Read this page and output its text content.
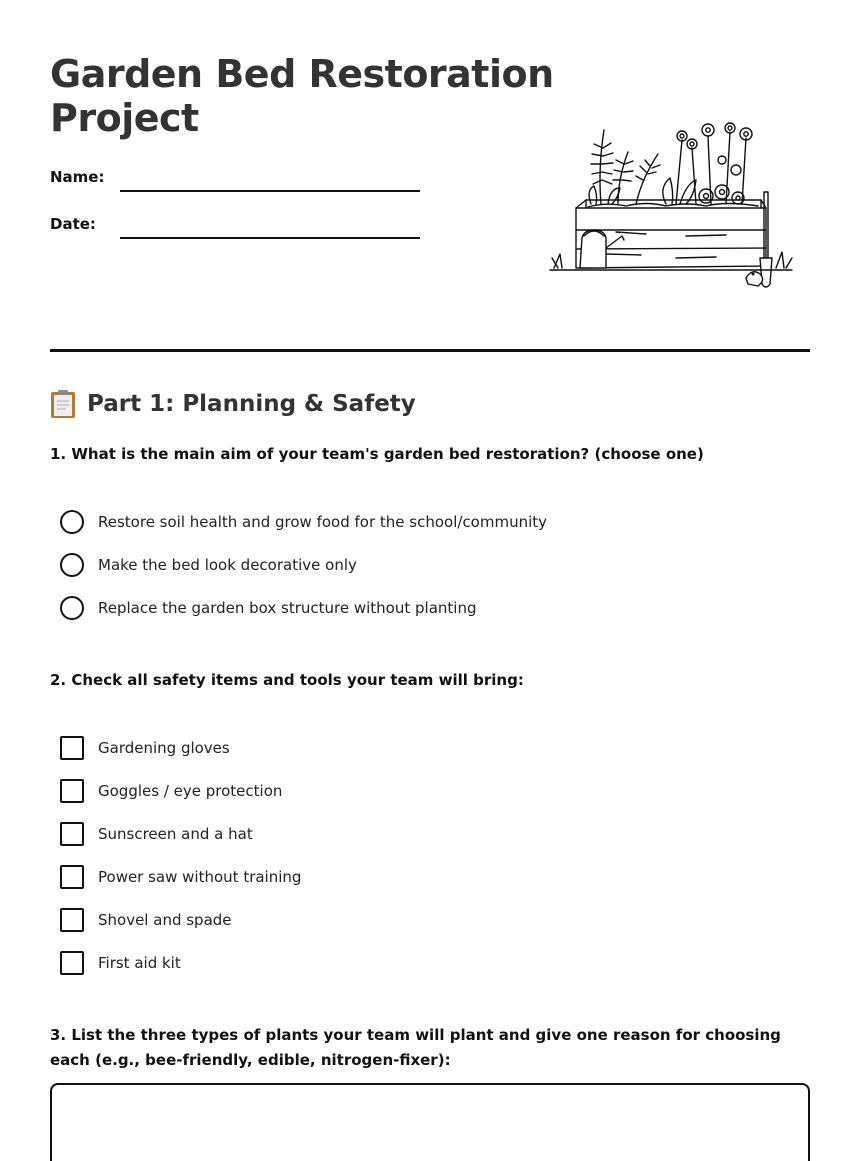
Garden Bed Restoration Project
Name:
Date:
Part 1: Planning & Safety
1. What is the main aim of your team's garden bed restoration? (choose one)
Restore soil health and grow food for the school/community
Make the bed look decorative only
Replace the garden box structure without planting
2. Check all safety items and tools your team will bring:
Gardening gloves
Goggles / eye protection
Sunscreen and a hat
Power saw without training
Shovel and spade
First aid kit
3. List the three types of plants your team will plant and give one reason for choosing each (e.g., bee-friendly, edible, nitrogen-fixer):
